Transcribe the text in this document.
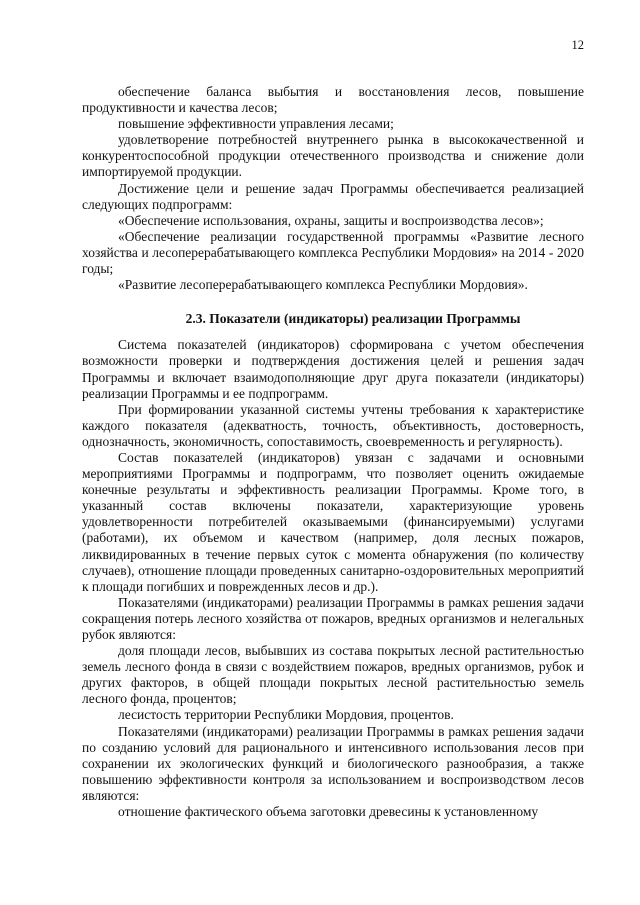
12

обеспечение баланса выбытия и восстановления лесов, повышение продуктивности и качества лесов;

повышение эффективности управления лесами;

удовлетворение потребностей внутреннего рынка в высококачественной и конкурентоспособной продукции отечественного производства и снижение доли импортируемой продукции.

Достижение цели и решение задач Программы обеспечивается реализацией следующих подпрограмм:

«Обеспечение использования, охраны, защиты и воспроизводства лесов»;

«Обеспечение реализации государственной программы «Развитие лесного хозяйства и лесоперерабатывающего комплекса Республики Мордовия» на 2014 - 2020 годы;

«Развитие лесоперерабатывающего комплекса Республики Мордовия».

2.3. Показатели (индикаторы) реализации Программы

Система показателей (индикаторов) сформирована с учетом обеспечения возможности проверки и подтверждения достижения целей и решения задач Программы и включает взаимодополняющие друг друга показатели (индикаторы) реализации Программы и ее подпрограмм.

При формировании указанной системы учтены требования к характеристике каждого показателя (адекватность, точность, объективность, достоверность, однозначность, экономичность, сопоставимость, своевременность и регулярность).

Состав показателей (индикаторов) увязан с задачами и основными мероприятиями Программы и подпрограмм, что позволяет оценить ожидаемые конечные результаты и эффективность реализации Программы. Кроме того, в указанный состав включены показатели, характеризующие уровень удовлетворенности потребителей оказываемыми (финансируемыми) услугами (работами), их объемом и качеством (например, доля лесных пожаров, ликвидированных в течение первых суток с момента обнаружения (по количеству случаев), отношение площади проведенных санитарно-оздоровительных мероприятий к площади погибших и поврежденных лесов и др.).

Показателями (индикаторами) реализации Программы в рамках решения задачи сокращения потерь лесного хозяйства от пожаров, вредных организмов и нелегальных рубок являются:

доля площади лесов, выбывших из состава покрытых лесной растительностью земель лесного фонда в связи с воздействием пожаров, вредных организмов, рубок и других факторов, в общей площади покрытых лесной растительностью земель лесного фонда, процентов;

лесистость территории Республики Мордовия, процентов.

Показателями (индикаторами) реализации Программы в рамках решения задачи по созданию условий для рационального и интенсивного использования лесов при сохранении их экологических функций и биологического разнообразия, а также повышению эффективности контроля за использованием и воспроизводством лесов являются:

отношение фактического объема заготовки древесины к установленному
